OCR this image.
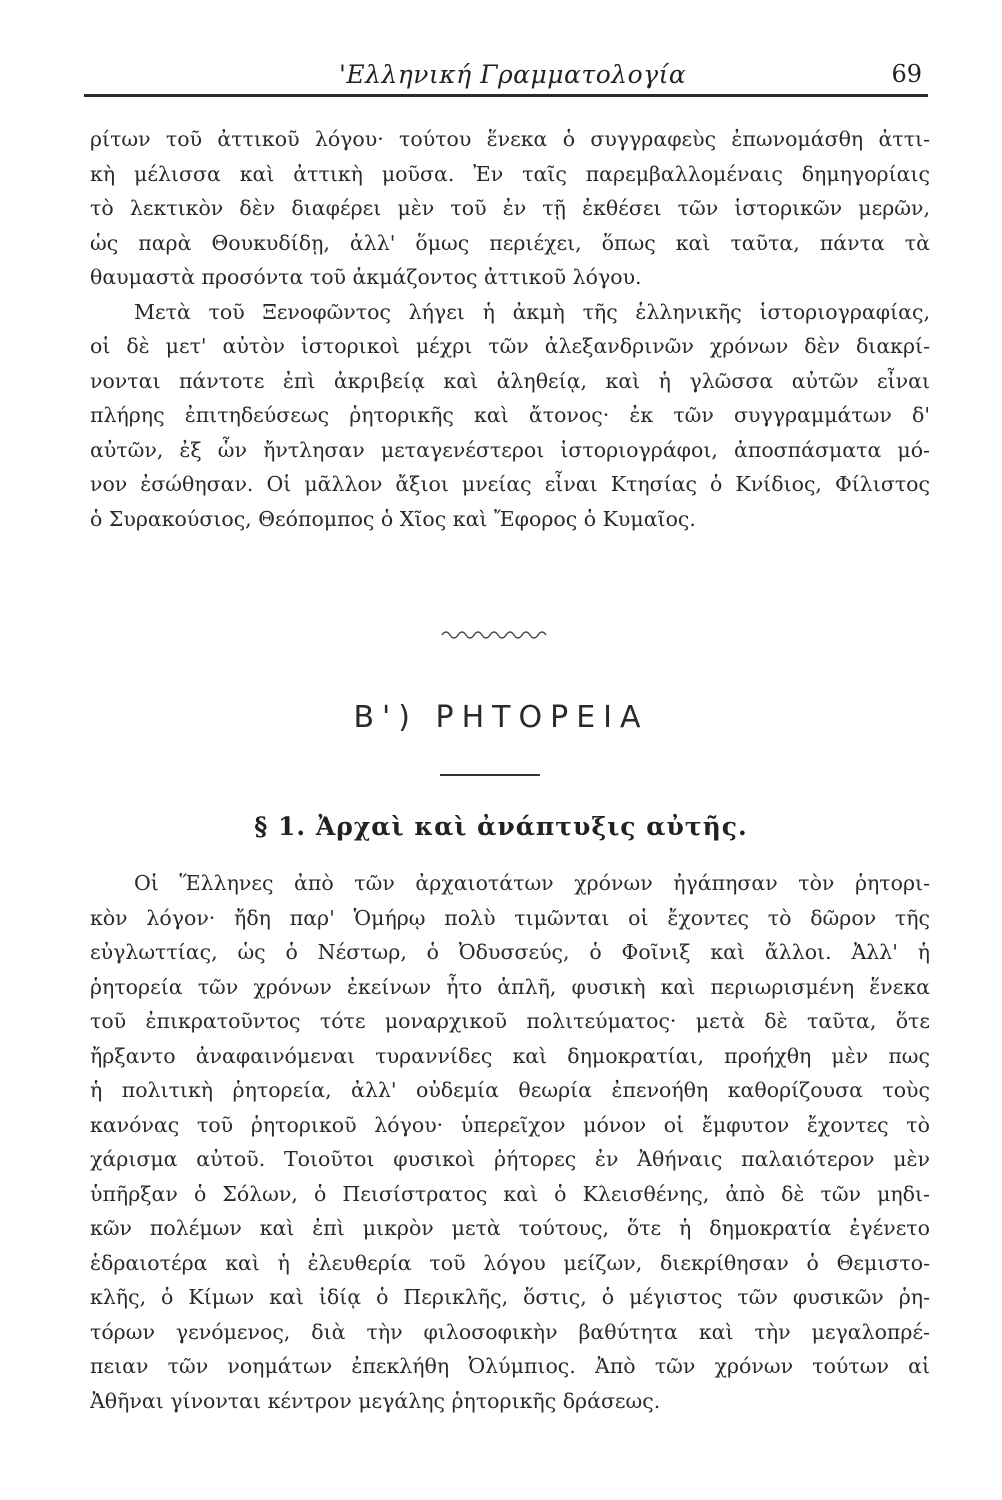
'Ελληνική Γραμματολογία	69
ρίτων τοῦ ἀττικοῦ λόγου· τούτου ἕνεκα ὁ συγγραφεὺς ἐπωνομάσθη ἀττι-
κὴ μέλισσα καὶ ἀττικὴ μοῦσα. Ἐν ταῖς παρεμβαλλομέναις δημηγορίαις
τὸ λεκτικὸν δὲν διαφέρει μὲν τοῦ ἐν τῇ ἐκθέσει τῶν ἱστορικῶν μερῶν,
ὡς παρὰ Θουκυδίδῃ, ἀλλ' ὅμως περιέχει, ὅπως καὶ ταῦτα, πάντα τὰ
θαυμαστὰ προσόντα τοῦ ἀκμάζοντος ἀττικοῦ λόγου.
Μετὰ τοῦ Ξενοφῶντος λήγει ἡ ἀκμὴ τῆς ἑλληνικῆς ἱστοριογραφίας,
οἱ δὲ μετ' αὐτὸν ἱστορικοὶ μέχρι τῶν ἀλεξανδρινῶν χρόνων δὲν διακρί-
νονται πάντοτε ἐπὶ ἀκριβείᾳ καὶ ἀληθείᾳ, καὶ ἡ γλῶσσα αὐτῶν εἶναι
πλήρης ἐπιτηδεύσεως ῥητορικῆς καὶ ἄτονος· ἐκ τῶν συγγραμμάτων δ'
αὐτῶν, ἐξ ὧν ἤντλησαν μεταγενέστεροι ἱστοριογράφοι, ἀποσπάσματα μό-
νον ἐσώθησαν. Οἱ μᾶλλον ἄξιοι μνείας εἶναι Κτησίας ὁ Κνίδιος, Φίλιστος
ὁ Συρακούσιος, Θεόπομπος ὁ Χῖος καὶ Ἔφορος ὁ Κυμαῖος.
Β') ΡΗΤΟΡΕΙΑ
§ 1. Ἀρχαὶ καὶ ἀνάπτυξις αὐτῆς.
Οἱ Ἕλληνες ἀπὸ τῶν ἀρχαιοτάτων χρόνων ἠγάπησαν τὸν ῥητορι-
κὸν λόγον· ἤδη παρ' Ὁμήρῳ πολὺ τιμῶνται οἱ ἔχοντες τὸ δῶρον τῆς
εὐγλωττίας, ὡς ὁ Νέστωρ, ὁ Ὀδυσσεύς, ὁ Φοῖνιξ καὶ ἄλλοι. Ἀλλ' ἡ
ῥητορεία τῶν χρόνων ἐκείνων ἦτο ἁπλῆ, φυσικὴ καὶ περιωρισμένη ἕνεκα
τοῦ ἐπικρατοῦντος τότε μοναρχικοῦ πολιτεύματος· μετὰ δὲ ταῦτα, ὅτε
ἤρξαντο ἀναφαινόμεναι τυραννίδες καὶ δημοκρατίαι, προήχθη μὲν πως
ἡ πολιτικὴ ῥητορεία, ἀλλ' οὐδεμία θεωρία ἐπενοήθη καθορίζουσα τοὺς
κανόνας τοῦ ῥητορικοῦ λόγου· ὑπερεῖχον μόνον οἱ ἔμφυτον ἔχοντες τὸ
χάρισμα αὐτοῦ. Τοιοῦτοι φυσικοὶ ῥήτορες ἐν Ἀθήναις παλαιότερον μὲν
ὑπῆρξαν ὁ Σόλων, ὁ Πεισίστρατος καὶ ὁ Κλεισθένης, ἀπὸ δὲ τῶν μηδι-
κῶν πολέμων καὶ ἐπὶ μικρὸν μετὰ τούτους, ὅτε ἡ δημοκρατία ἐγένετο
ἑδραιοτέρα καὶ ἡ ἐλευθερία τοῦ λόγου μείζων, διεκρίθησαν ὁ Θεμιστο-
κλῆς, ὁ Κίμων καὶ ἰδίᾳ ὁ Περικλῆς, ὅστις, ὁ μέγιστος τῶν φυσικῶν ῥη-
τόρων γενόμενος, διὰ τὴν φιλοσοφικὴν βαθύτητα καὶ τὴν μεγαλοπρέ-
πειαν τῶν νοημάτων ἐπεκλήθη Ὀλύμπιος. Ἀπὸ τῶν χρόνων τούτων αἱ
Ἀθῆναι γίνονται κέντρον μεγάλης ῥητορικῆς δράσεως.
